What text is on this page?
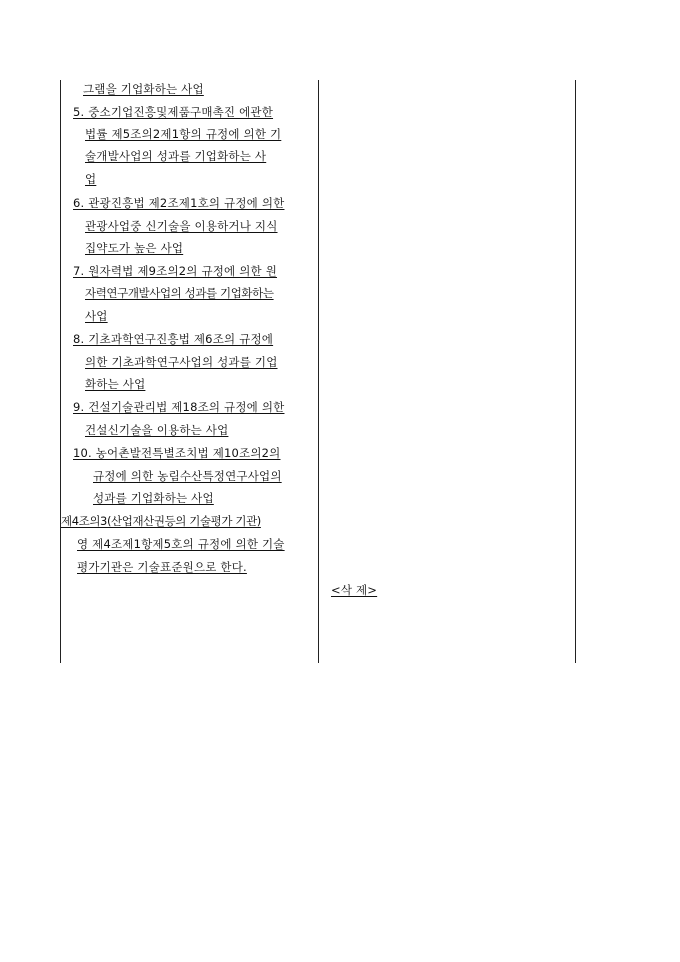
그램을 기업화하는 사업
5. 중소기업진흥및제품구매촉진 에관한
법률 제5조의2제1항의 규정에 의한 기
술개발사업의 성과를 기업화하는 사
업
6. 관광진흥법 제2조제1호의 규정에 의한
관광사업중 신기술을 이용하거나 지식
집약도가 높은 사업
7. 원자력법 제9조의2의 규정에 의한 원
자력연구개발사업의 성과를 기업화하는
사업
8. 기초과학연구진흥법 제6조의 규정에
의한 기초과학연구사업의 성과를 기업
화하는 사업
9. 건설기술관리법 제18조의 규정에 의한
건설신기술을 이용하는 사업
10. 농어촌발전특별조치법 제10조의2의
규정에 의한 농림수산특정연구사업의
성과를 기업화하는 사업
제4조의3(산업재산권등의 기술평가 기관)
영 제4조제1항제5호의 규정에 의한 기술
평가기관은 기술표준원으로 한다.
<삭 제>
